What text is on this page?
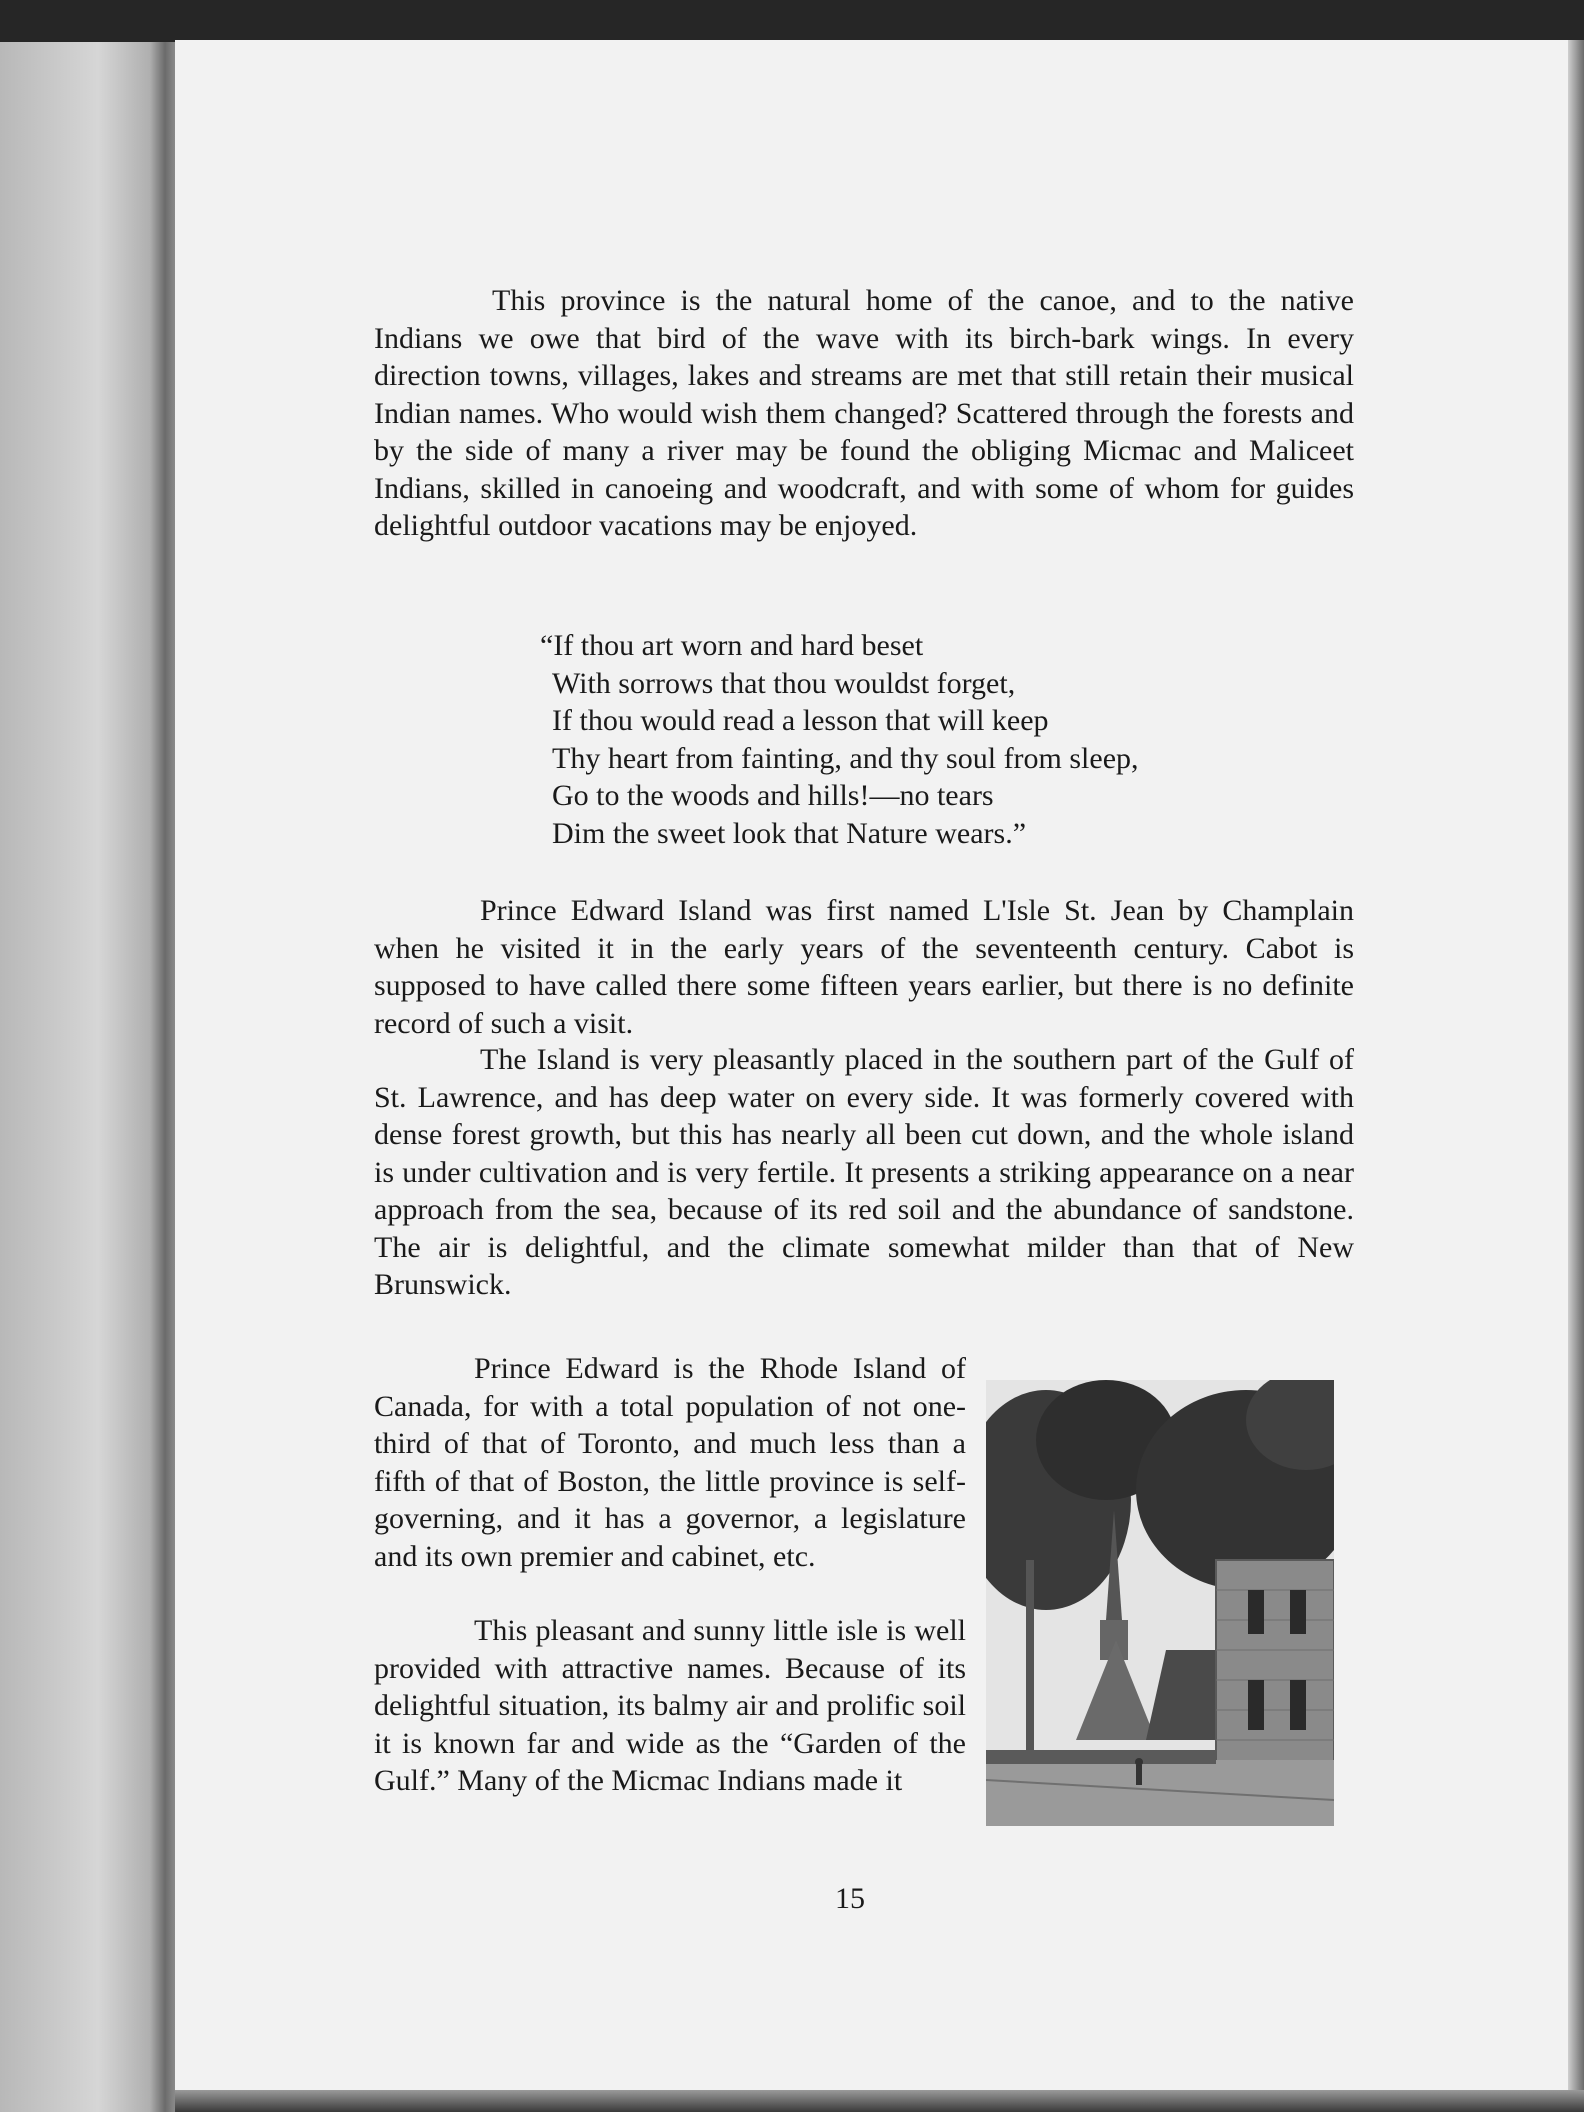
This province is the natural home of the canoe, and to the native Indians we owe that bird of the wave with its birch-bark wings. In every direction towns, villages, lakes and streams are met that still retain their musical Indian names. Who would wish them changed? Scattered through the forests and by the side of many a river may be found the obliging Micmac and Maliceet Indians, skilled in canoeing and woodcraft, and with some of whom for guides delightful outdoor vacations may be enjoyed.

“If thou art worn and hard beset
With sorrows that thou wouldst forget,
If thou would read a lesson that will keep
Thy heart from fainting, and thy soul from sleep,
Go to the woods and hills!—no tears
Dim the sweet look that Nature wears.”

Prince Edward Island was first named L'Isle St. Jean by Champlain when he visited it in the early years of the seventeenth century. Cabot is supposed to have called there some fifteen years earlier, but there is no definite record of such a visit.

The Island is very pleasantly placed in the southern part of the Gulf of St. Lawrence, and has deep water on every side. It was formerly covered with dense forest growth, but this has nearly all been cut down, and the whole island is under cultivation and is very fertile. It presents a striking appearance on a near approach from the sea, because of its red soil and the abundance of sandstone. The air is delightful, and the climate somewhat milder than that of New Brunswick.

Prince Edward is the Rhode Island of Canada, for with a total population of not one-third of that of Toronto, and much less than a fifth of that of Boston, the little province is self-governing, and it has a governor, a legislature and its own premier and cabinet, etc.

This pleasant and sunny little isle is well provided with attractive names. Because of its delightful situation, its balmy air and prolific soil it is known far and wide as the “Garden of the Gulf.” Many of the Micmac Indians made it

15
